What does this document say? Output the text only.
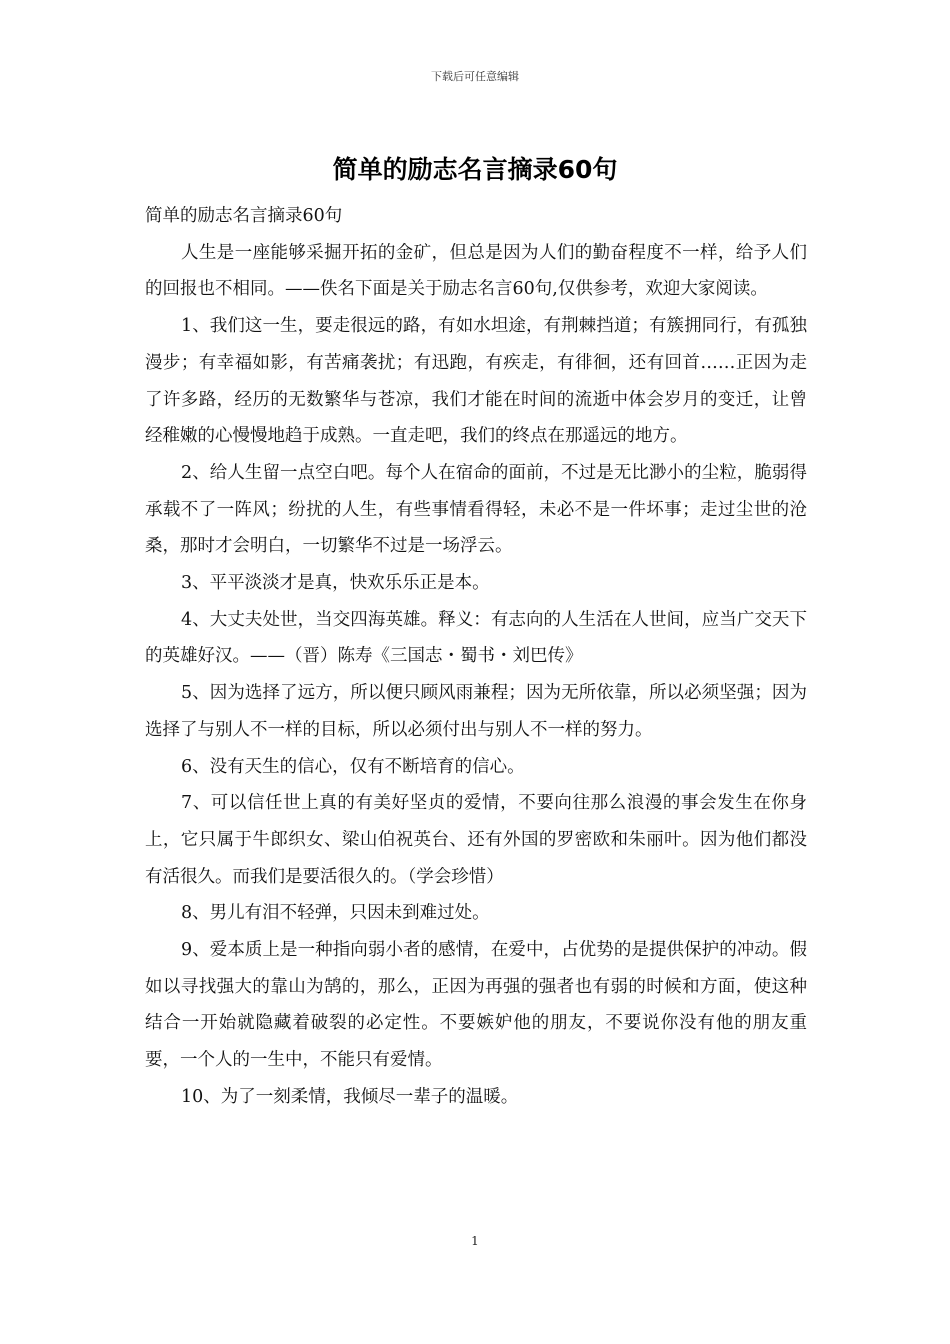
下载后可任意编辑
简单的励志名言摘录60句

简单的励志名言摘录60句

人生是一座能够采掘开拓的金矿，但总是因为人们的勤奋程度不一样，给予人们的回报也不相同。——佚名下面是关于励志名言60句,仅供参考，欢迎大家阅读。

1、我们这一生，要走很远的路，有如水坦途，有荆棘挡道；有簇拥同行，有孤独漫步；有幸福如影，有苦痛袭扰；有迅跑，有疾走，有徘徊，还有回首……正因为走了许多路，经历的无数繁华与苍凉，我们才能在时间的流逝中体会岁月的变迁，让曾经稚嫩的心慢慢地趋于成熟。一直走吧，我们的终点在那遥远的地方。

2、给人生留一点空白吧。每个人在宿命的面前，不过是无比渺小的尘粒，脆弱得承载不了一阵风；纷扰的人生，有些事情看得轻，未必不是一件坏事；走过尘世的沧桑，那时才会明白，一切繁华不过是一场浮云。

3、平平淡淡才是真，快欢乐乐正是本。

4、大丈夫处世，当交四海英雄。释义：有志向的人生活在人世间，应当广交天下的英雄好汉。——（晋）陈寿《三国志・蜀书・刘巴传》

5、因为选择了远方，所以便只顾风雨兼程；因为无所依靠，所以必须坚强；因为选择了与别人不一样的目标，所以必须付出与别人不一样的努力。

6、没有天生的信心，仅有不断培育的信心。

7、可以信任世上真的有美好坚贞的爱情，不要向往那么浪漫的事会发生在你身上，它只属于牛郎织女、梁山伯祝英台、还有外国的罗密欧和朱丽叶。因为他们都没有活很久。而我们是要活很久的。（学会珍惜）

8、男儿有泪不轻弹，只因未到难过处。

9、爱本质上是一种指向弱小者的感情，在爱中，占优势的是提供保护的冲动。假如以寻找强大的靠山为鹄的，那么，正因为再强的强者也有弱的时候和方面，使这种结合一开始就隐藏着破裂的必定性。不要嫉妒他的朋友，不要说你没有他的朋友重要，一个人的一生中，不能只有爱情。

10、为了一刻柔情，我倾尽一辈子的温暖。

1
